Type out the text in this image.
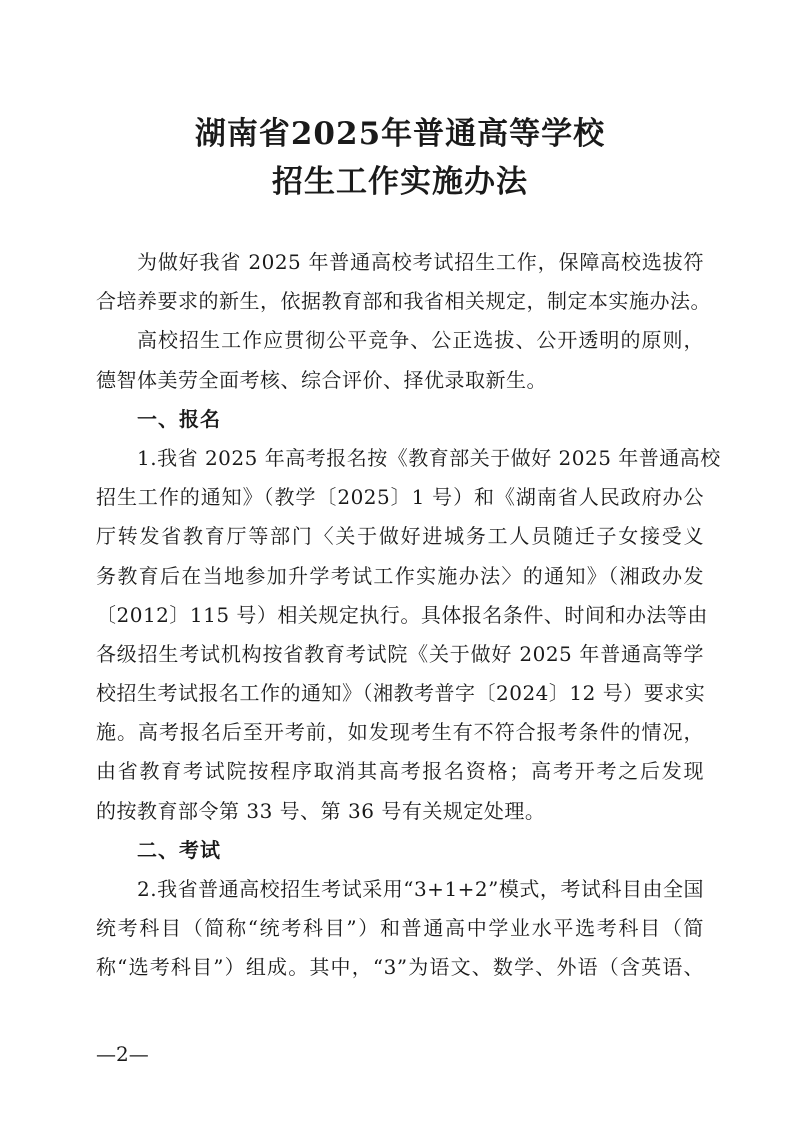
湖南省2025年普通高等学校
招生工作实施办法
为做好我省 2025 年普通高校考试招生工作，保障高校选拔符
合培养要求的新生，依据教育部和我省相关规定，制定本实施办法。
高校招生工作应贯彻公平竞争、公正选拔、公开透明的原则，
德智体美劳全面考核、综合评价、择优录取新生。
一、报名
1.我省 2025 年高考报名按《教育部关于做好 2025 年普通高校
招生工作的通知》（教学〔2025〕1 号）和《湖南省人民政府办公
厅转发省教育厅等部门〈关于做好进城务工人员随迁子女接受义
务教育后在当地参加升学考试工作实施办法〉的通知》（湘政办发
〔2012〕115 号）相关规定执行。具体报名条件、时间和办法等由
各级招生考试机构按省教育考试院《关于做好 2025 年普通高等学
校招生考试报名工作的通知》（湘教考普字〔2024〕12 号）要求实
施。高考报名后至开考前，如发现考生有不符合报考条件的情况，
由省教育考试院按程序取消其高考报名资格；高考开考之后发现
的按教育部令第 33 号、第 36 号有关规定处理。
二、考试
2.我省普通高校招生考试采用“3+1+2”模式，考试科目由全国
统考科目（简称“统考科目”）和普通高中学业水平选考科目（简
称“选考科目”）组成。其中，“3”为语文、数学、外语（含英语、
—2—
